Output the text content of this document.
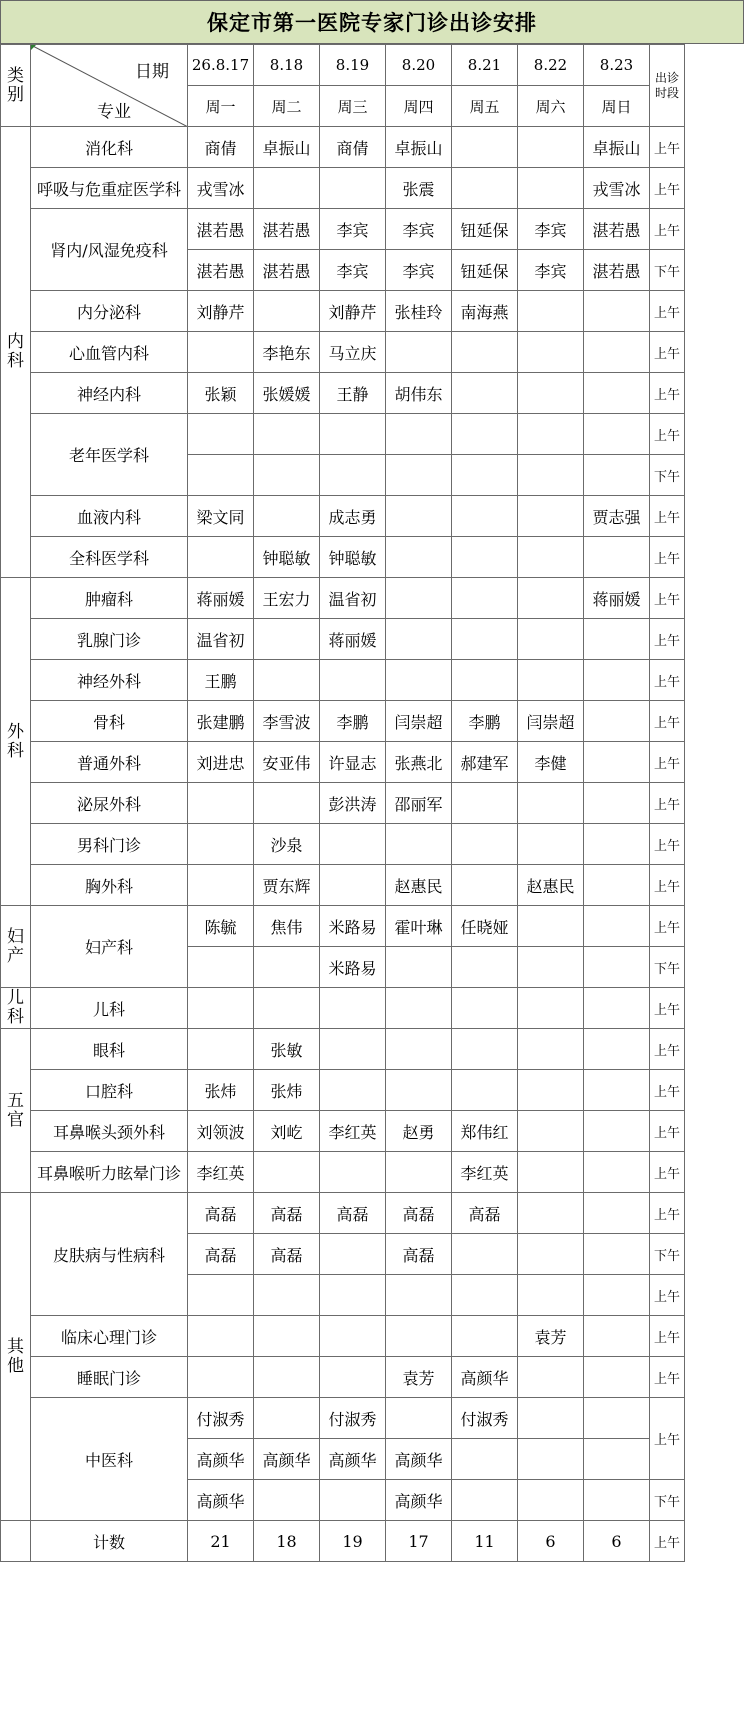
保定市第一医院专家门诊出诊安排
类别	日期
专业	26.8.17	8.18	8.19	8.20	8.21	8.22	8.23	出诊时段
		周一	周二	周三	周四	周五	周六	周日	
内科	消化科	商倩	卓振山	商倩	卓振山			卓振山	上午
	呼吸与危重症医学科	戎雪冰			张震			戎雪冰	上午
	肾内/风湿免疫科	湛若愚	湛若愚	李宾	李宾	钮延保	李宾	湛若愚	上午
		湛若愚	湛若愚	李宾	李宾	钮延保	李宾	湛若愚	下午
	内分泌科	刘静芹		刘静芹	张桂玲	南海燕			上午
	心血管内科		李艳东	马立庆					上午
	神经内科	张颖	张媛媛	王静	胡伟东				上午
	老年医学科								上午
									下午
	血液内科	梁文同		成志勇				贾志强	上午
	全科医学科		钟聪敏	钟聪敏					上午
外科	肿瘤科	蒋丽媛	王宏力	温省初				蒋丽媛	上午
	乳腺门诊	温省初		蒋丽媛					上午
	神经外科	王鹏							上午
	骨科	张建鹏	李雪波	李鹏	闫崇超	李鹏	闫崇超		上午
	普通外科	刘进忠	安亚伟	许显志	张燕北	郝建军	李健		上午
	泌尿外科			彭洪涛	邵丽军				上午
	男科门诊		沙泉						上午
	胸外科		贾东辉		赵惠民		赵惠民		上午
妇产	妇产科	陈毓	焦伟	米路易	霍叶琳	任晓娅			上午
				米路易					下午
儿科	儿科								上午
五官	眼科		张敏						上午
	口腔科	张炜	张炜						上午
	耳鼻喉头颈外科	刘领波	刘屹	李红英	赵勇	郑伟红			上午
	耳鼻喉听力眩晕门诊	李红英				李红英			上午
其他	皮肤病与性病科	高磊	高磊	高磊	高磊	高磊			上午
		高磊	高磊		高磊				下午
									上午
	临床心理门诊						袁芳		上午
	睡眠门诊				袁芳	高颜华			上午
	中医科	付淑秀		付淑秀		付淑秀			上午
		高颜华	高颜华	高颜华	高颜华				
		高颜华			高颜华				下午
	计数	21	18	19	17	11	6	6	上午
